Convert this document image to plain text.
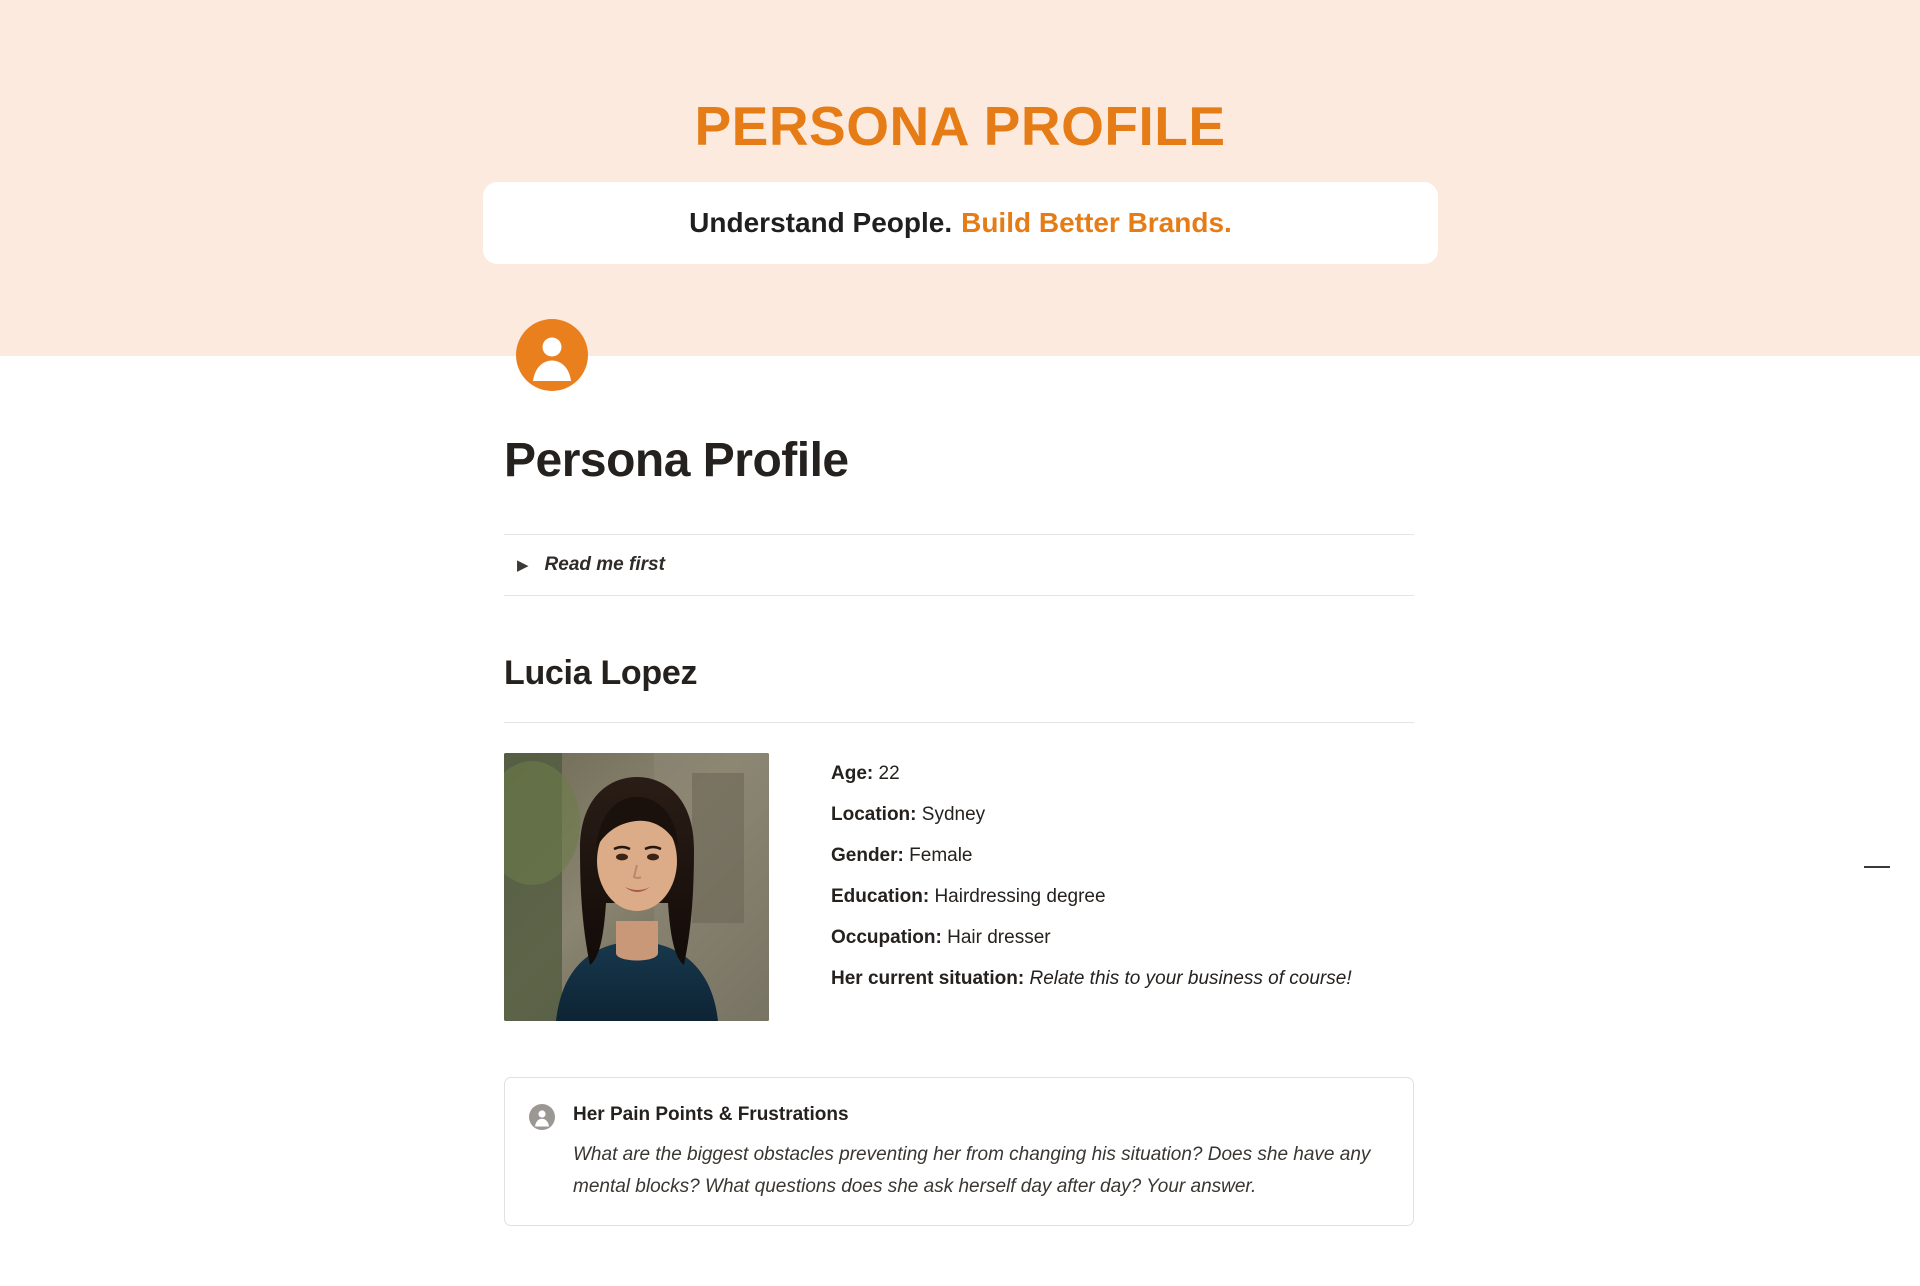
PERSONA PROFILE
Understand People. Build Better Brands.
Persona Profile
▶ Read me first
Lucia Lopez
Age: 22
Location: Sydney
Gender: Female
Education: Hairdressing degree
Occupation: Hair dresser
Her current situation: Relate this to your business of course!
Her Pain Points & Frustrations
What are the biggest obstacles preventing her from changing his situation? Does she have any mental blocks? What questions does she ask herself day after day? Your answer.
